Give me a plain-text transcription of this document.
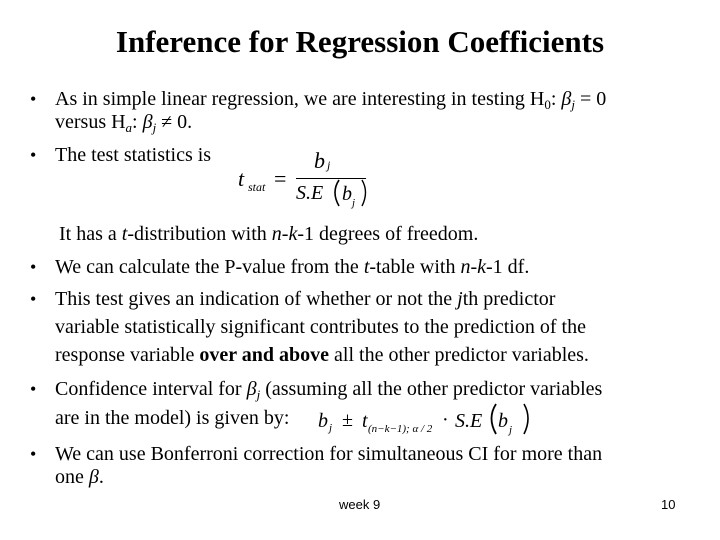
Inference for Regression Coefficients
• As in simple linear regression, we are interesting in testing $H_0$: $\beta_j = 0$
versus $H_a$: $\beta_j \ne 0$.
• The test statistics is
t stat =
b j
S.E b j
It has a t-distribution with n-k-1 degrees of freedom.
• We can calculate the P-value from the t-table with n-k-1 df.
• This test gives an indication of whether or not the jth predictor
variable statistically significant contributes to the prediction of the
response variable over and above all the other predictor variables.
• Confidence interval for $\beta_j$ (assuming all the other predictor variables
are in the model) is given by: b j ± t (n−k−1); α / 2 · S.E b j
• We can use Bonferroni correction for simultaneous CI for more than
one β.
week 9	10
